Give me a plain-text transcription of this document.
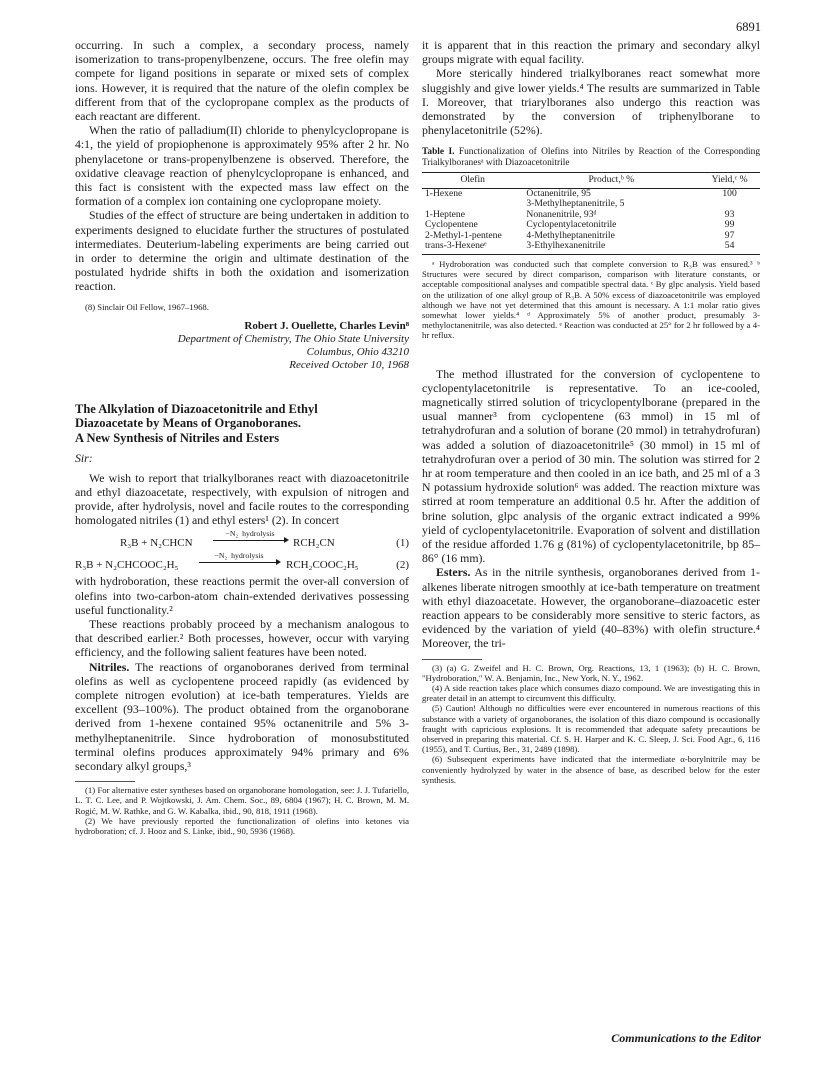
6891

occurring. In such a complex, a secondary process, namely isomerization to trans-propenylbenzene, occurs. The free olefin may compete for ligand positions in separate or mixed sets of complex ions. However, it is required that the nature of the olefin complex be different from that of the cyclopropane complex as the products of each reactant are different.

When the ratio of palladium(II) chloride to phenylcyclopropane is 4:1, the yield of propiophenone is approximately 95% after 2 hr. No phenylacetone or trans-propenylbenzene is observed. Therefore, the oxidative cleavage reaction of phenylcyclopropane is enhanced, and this fact is consistent with the expected mass law effect on the formation of a complex ion containing one cyclopropane moiety.

Studies of the effect of structure are being undertaken in addition to experiments designed to elucidate further the structures of postulated intermediates. Deuterium-labeling experiments are being carried out in order to determine the origin and ultimate destination of the postulated hydride shifts in both the oxidation and isomerization reaction.

(8) Sinclair Oil Fellow, 1967–1968.

Robert J. Ouellette, Charles Levin⁸
Department of Chemistry, The Ohio State University
Columbus, Ohio 43210
Received October 10, 1968
The Alkylation of Diazoacetonitrile and Ethyl
Diazoacetate by Means of Organoboranes.
A New Synthesis of Nitriles and Esters
Sir:

We wish to report that trialkylboranes react with diazoacetonitrile and ethyl diazoacetate, respectively, with expulsion of nitrogen and provide, after hydrolysis, novel and facile routes to the corresponding homologated nitriles (1) and ethyl esters¹ (2). In concert

R₃B + N₂CHCN
−N₂ hydrolysis
RCH₂CN	(1)
R₃B + N₂CHCOOC₂H₅
−N₂ hydrolysis
RCH₂COOC₂H₅	(2)

with hydroboration, these reactions permit the over-all conversion of olefins into two-carbon-atom chain-extended derivatives possessing useful functionality.²

These reactions probably proceed by a mechanism analogous to that described earlier.² Both processes, however, occur with varying efficiency, and the following salient features have been noted.

Nitriles. The reactions of organoboranes derived from terminal olefins as well as cyclopentene proceed rapidly (as evidenced by complete nitrogen evolution) at ice-bath temperatures. Yields are excellent (93–100%). The product obtained from the organoborane derived from 1-hexene contained 95% octanenitrile and 5% 3-methylheptanenitrile. Since hydroboration of monosubstituted terminal olefins produces approximately 94% primary and 6% secondary alkyl groups,³

(1) For alternative ester syntheses based on organoborane homologation, see: J. J. Tufariello, L. T. C. Lee, and P. Wojtkowski, J. Am. Chem. Soc., 89, 6804 (1967); H. C. Brown, M. M. Rogić, M. W. Rathke, and G. W. Kabalka, ibid., 90, 818, 1911 (1968).

(2) We have previously reported the functionalization of olefins into ketones via hydroboration; cf. J. Hooz and S. Linke, ibid., 90, 5936 (1968).

it is apparent that in this reaction the primary and secondary alkyl groups migrate with equal facility.

More sterically hindered trialkylboranes react somewhat more sluggishly and give lower yields.⁴ The results are summarized in Table I. Moreover, that triarylboranes also undergo this reaction was demonstrated by the conversion of triphenylborane to phenylacetonitrile (52%).

Table I. Functionalization of Olefins into Nitriles by Reaction of the Corresponding Trialkylboranesᵃ with Diazoacetonitrile
Olefin	Product,ᵇ %	Yield,ᶜ %
1-Hexene	Octanenitrile, 95	100
	3-Methylheptanenitrile, 5	
1-Heptene	Nonanenitrile, 93ᵈ	93
Cyclopentene	Cyclopentylacetonitrile	99
2-Methyl-1-pentene	4-Methylheptanenitrile	97
trans-3-Hexeneᵉ	3-Ethylhexanenitrile	54
ᵃ Hydroboration was conducted such that complete conversion to R₃B was ensured.³ ᵇ Structures were secured by direct comparison, comparison with literature constants, or acceptable compositional analyses and compatible spectral data. ᶜ By glpc analysis. Yield based on the utilization of one alkyl group of R₃B. A 50% excess of diazoacetonitrile was employed although we have not yet determined that this amount is necessary. A 1:1 molar ratio gives somewhat lower yields.⁴ ᵈ Approximately 5% of another product, presumably 3-methyloctanenitrile, was also detected. ᵉ Reaction was conducted at 25° for 2 hr followed by a 4-hr reflux.

The method illustrated for the conversion of cyclopentene to cyclopentylacetonitrile is representative. To an ice-cooled, magnetically stirred solution of tricyclopentylborane (prepared in the usual manner³ from cyclopentene (63 mmol) in 15 ml of tetrahydrofuran and a solution of borane (20 mmol) in tetrahydrofuran) was added a solution of diazoacetonitrile⁵ (30 mmol) in 15 ml of tetrahydrofuran over a period of 30 min. The solution was stirred for 2 hr at room temperature and then cooled in an ice bath, and 25 ml of a 3 N potassium hydroxide solution⁶ was added. The reaction mixture was stirred at room temperature an additional 0.5 hr. After the addition of brine solution, glpc analysis of the organic extract indicated a 99% yield of cyclopentylacetonitrile. Evaporation of solvent and distillation of the residue afforded 1.76 g (81%) of cyclopentylacetonitrile, bp 85–86° (16 mm).

Esters. As in the nitrile synthesis, organoboranes derived from 1-alkenes liberate nitrogen smoothly at ice-bath temperature on treatment with ethyl diazoacetate. However, the organoborane–diazoacetic ester reaction appears to be considerably more sensitive to steric factors, as evidenced by the variation of yield (40–83%) with olefin structure.⁴ Moreover, the tri-

(3) (a) G. Zweifel and H. C. Brown, Org. Reactions, 13, 1 (1963); (b) H. C. Brown, "Hydroboration," W. A. Benjamin, Inc., New York, N. Y., 1962.

(4) A side reaction takes place which consumes diazo compound. We are investigating this in greater detail in an attempt to circumvent this difficulty.

(5) Caution! Although no difficulties were ever encountered in numerous reactions of this substance with a variety of organoboranes, the isolation of this diazo compound is occasionally fraught with capricious explosions. It is recommended that adequate safety precautions be observed in preparing this material. Cf. S. H. Harper and K. C. Sleep, J. Sci. Food Agr., 6, 116 (1955), and T. Curtius, Ber., 31, 2489 (1898).

(6) Subsequent experiments have indicated that the intermediate α-borylnitrile may be conveniently hydrolyzed by water in the absence of base, as described below for the ester synthesis.

Communications to the Editor
